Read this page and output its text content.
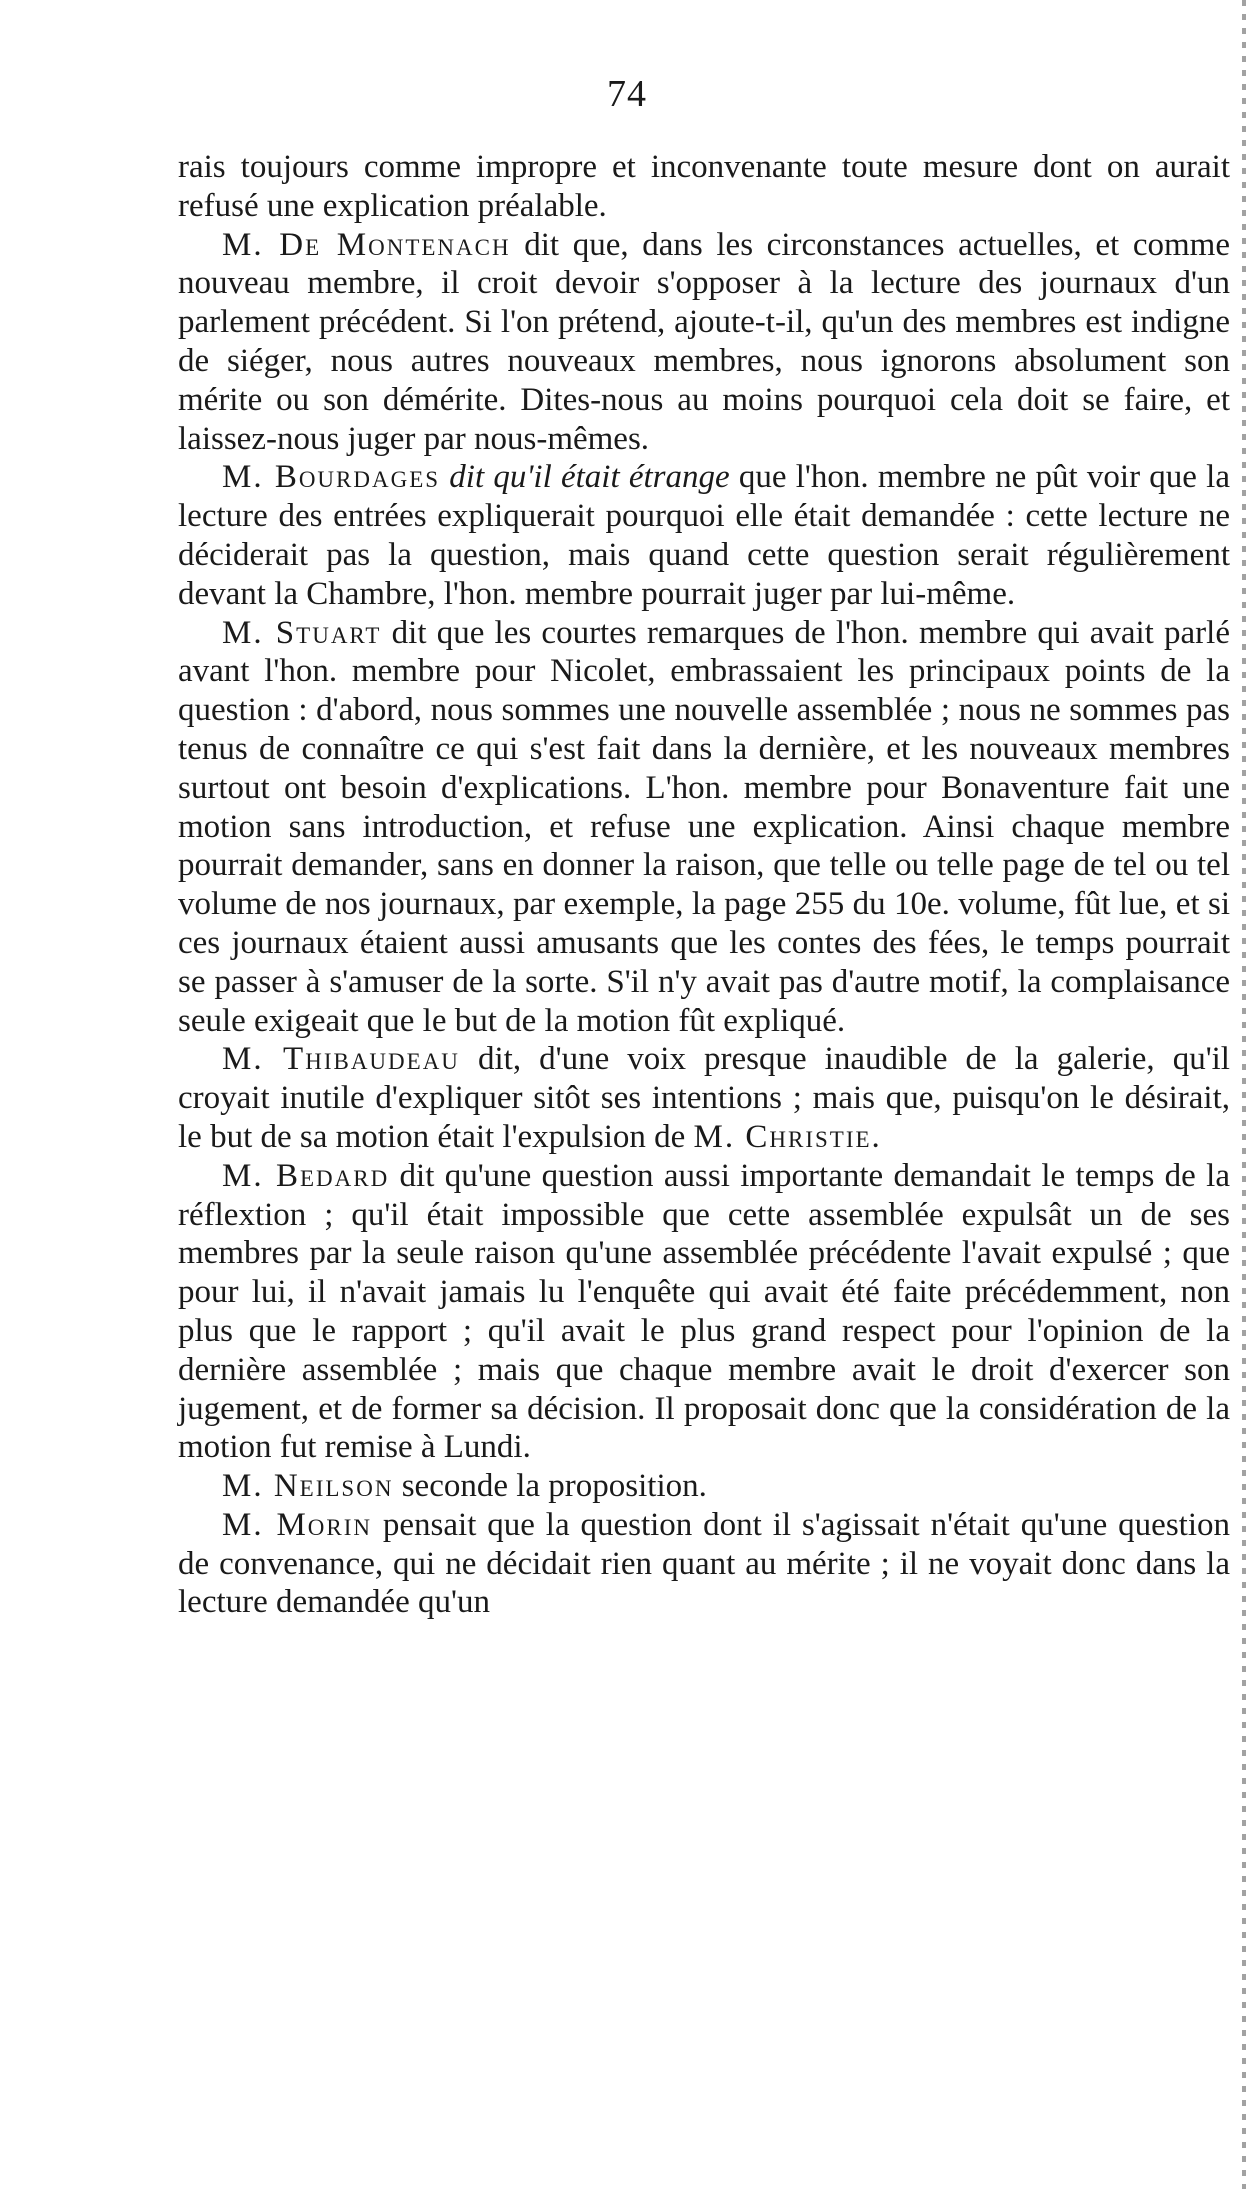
74

rais toujours comme impropre et inconvenante toute mesure dont on aurait refusé une explication préalable.

M. De Montenach dit que, dans les circonstances actuelles, et comme nouveau membre, il croit devoir s'opposer à la lecture des journaux d'un parlement précédent. Si l'on prétend, ajoute-t-il, qu'un des membres est indigne de siéger, nous autres nouveaux membres, nous ignorons absolument son mérite ou son démérite. Dites-nous au moins pourquoi cela doit se faire, et laissez-nous juger par nous-mêmes.

M. Bourdages dit qu'il était étrange que l'hon. membre ne pût voir que la lecture des entrées expliquerait pourquoi elle était demandée : cette lecture ne déciderait pas la question, mais quand cette question serait régulièrement devant la Chambre, l'hon. membre pourrait juger par lui-même.

M. Stuart dit que les courtes remarques de l'hon. membre qui avait parlé avant l'hon. membre pour Nicolet, embrassaient les principaux points de la question : d'abord, nous sommes une nouvelle assemblée ; nous ne sommes pas tenus de connaître ce qui s'est fait dans la dernière, et les nouveaux membres surtout ont besoin d'explications. L'hon. membre pour Bonaventure fait une motion sans introduction, et refuse une explication. Ainsi chaque membre pourrait demander, sans en donner la raison, que telle ou telle page de tel ou tel volume de nos journaux, par exemple, la page 255 du 10e. volume, fût lue, et si ces journaux étaient aussi amusants que les contes des fées, le temps pourrait se passer à s'amuser de la sorte. S'il n'y avait pas d'autre motif, la complaisance seule exigeait que le but de la motion fût expliqué.

M. Thibaudeau dit, d'une voix presque inaudible de la galerie, qu'il croyait inutile d'expliquer sitôt ses intentions ; mais que, puisqu'on le désirait, le but de sa motion était l'expulsion de M. Christie.

M. Bedard dit qu'une question aussi importante demandait le temps de la réflextion ; qu'il était impossible que cette assemblée expulsât un de ses membres par la seule raison qu'une assemblée précédente l'avait expulsé ; que pour lui, il n'avait jamais lu l'enquête qui avait été faite précédemment, non plus que le rapport ; qu'il avait le plus grand respect pour l'opinion de la dernière assemblée ; mais que chaque membre avait le droit d'exercer son jugement, et de former sa décision. Il proposait donc que la considération de la motion fut remise à Lundi.

M. Neilson seconde la proposition.

M. Morin pensait que la question dont il s'agissait n'était qu'une question de convenance, qui ne décidait rien quant au mérite ; il ne voyait donc dans la lecture demandée qu'un
